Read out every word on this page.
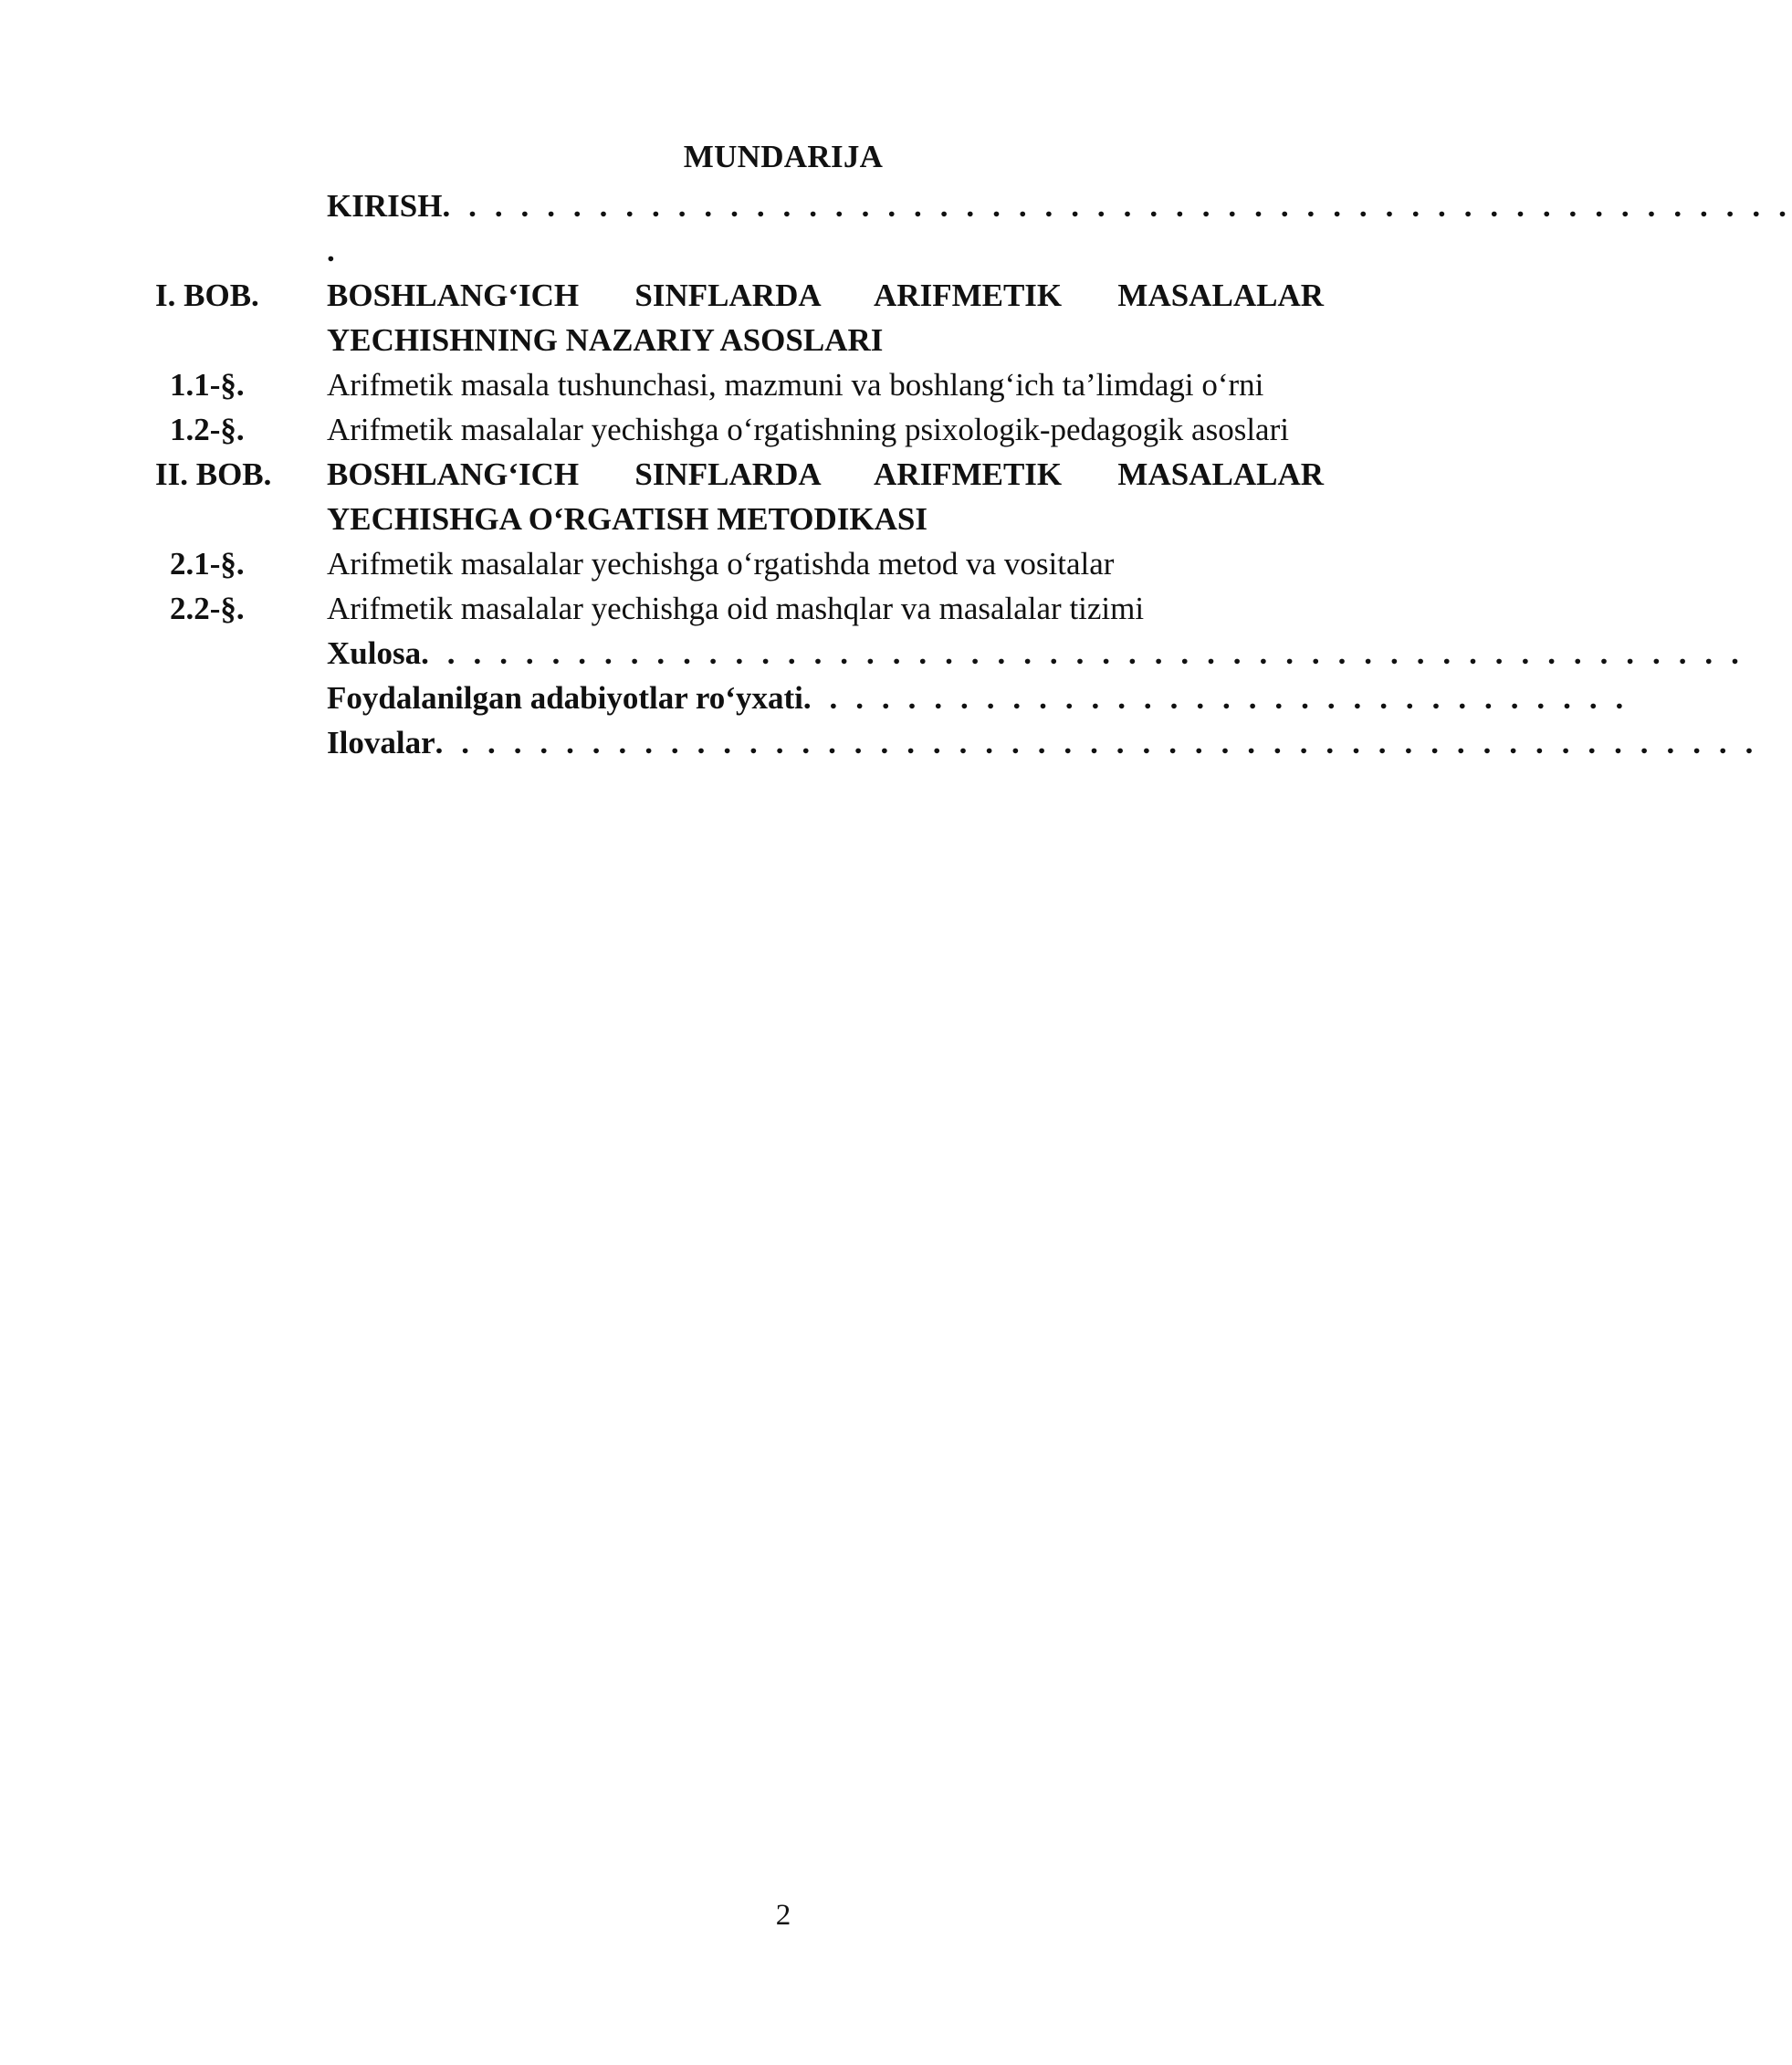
MUNDARIJA
KIRISH . . . . . . . . . . . . . . . . . . . . . . . . . . . . . . . . . . . . . . . . . . . . . . . . . . . .
.
I. BOB.	BOSHLANG‘ICH SINFLARDA ARIFMETIK MASALALAR YECHISHNING NAZARIY ASOSLARI
1.1-§.	Arifmetik masala tushunchasi, mazmuni va boshlang‘ich ta’limdagi o‘rni
1.2-§.	Arifmetik masalalar yechishga o‘rgatishning psixologik-pedagogik asoslari
II. BOB.	BOSHLANG‘ICH SINFLARDA ARIFMETIK MASALALAR YECHISHGA O‘RGATISH METODIKASI
2.1-§.	Arifmetik masalalar yechishga o‘rgatishda metod va vositalar
2.2-§.	Arifmetik masalalar yechishga oid mashqlar va masalalar tizimi
Xulosa . . . . . . . . . . . . . . . . . . . . . . . . . . . . . . . . . . . . . . . . . . . . . . . . . . .
Foydalanilgan adabiyotlar ro‘yxati . . . . . . . . . . . . . . . . . . . . . . . . . . . . . . . .
Ilovalar . . . . . . . . . . . . . . . . . . . . . . . . . . . . . . . . . . . . . . . . . . . . . . . . . . .
2
